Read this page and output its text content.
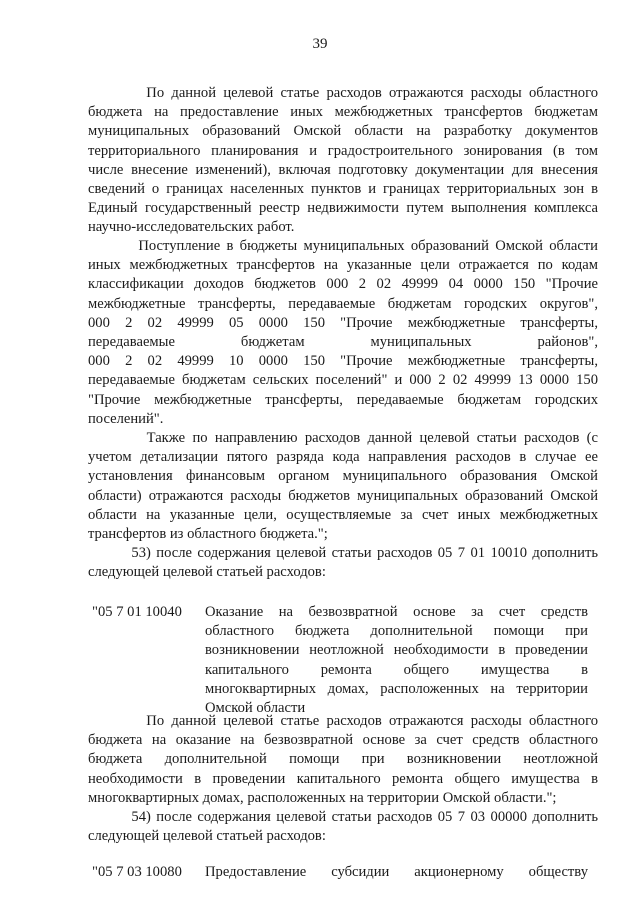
39
По данной целевой статье расходов отражаются расходы областного
бюджета на предоставление иных межбюджетных трансфертов бюджетам
муниципальных образований Омской области на разработку документов
территориального планирования и градостроительного зонирования (в том
числе внесение изменений), включая подготовку документации для внесения
сведений о границах населенных пунктов и границах территориальных зон в
Единый государственный реестр недвижимости путем выполнения комплекса
научно-исследовательских работ.
Поступление в бюджеты муниципальных образований Омской области
иных межбюджетных трансфертов на указанные цели отражается по кодам
классификации доходов бюджетов 000 2 02 49999 04 0000 150 "Прочие
межбюджетные трансферты, передаваемые бюджетам городских округов",
000 2 02 49999 05 0000 150 "Прочие межбюджетные трансферты,
передаваемые бюджетам муниципальных районов",
000 2 02 49999 10 0000 150 "Прочие межбюджетные трансферты,
передаваемые бюджетам сельских поселений" и 000 2 02 49999 13 0000 150
"Прочие межбюджетные трансферты, передаваемые бюджетам городских
поселений".
Также по направлению расходов данной целевой статьи расходов (с
учетом детализации пятого разряда кода направления расходов в случае ее
установления финансовым органом муниципального образования Омской
области) отражаются расходы бюджетов муниципальных образований Омской
области на указанные цели, осуществляемые за счет иных межбюджетных
трансфертов из областного бюджета.";
53) после содержания целевой статьи расходов 05 7 01 10010 дополнить
следующей целевой статьей расходов:
"05 7 01 10040 Оказание на безвозвратной основе за счет средств
областного бюджета дополнительной помощи при
возникновении неотложной необходимости в проведении
капитального ремонта общего имущества в
многоквартирных домах, расположенных на территории
Омской области
По данной целевой статье расходов отражаются расходы областного
бюджета на оказание на безвозвратной основе за счет средств областного
бюджета дополнительной помощи при возникновении неотложной
необходимости в проведении капитального ремонта общего имущества в
многоквартирных домах, расположенных на территории Омской области.";
54) после содержания целевой статьи расходов 05 7 03 00000 дополнить
следующей целевой статьей расходов:
"05 7 03 10080 Предоставление субсидии акционерному обществу
